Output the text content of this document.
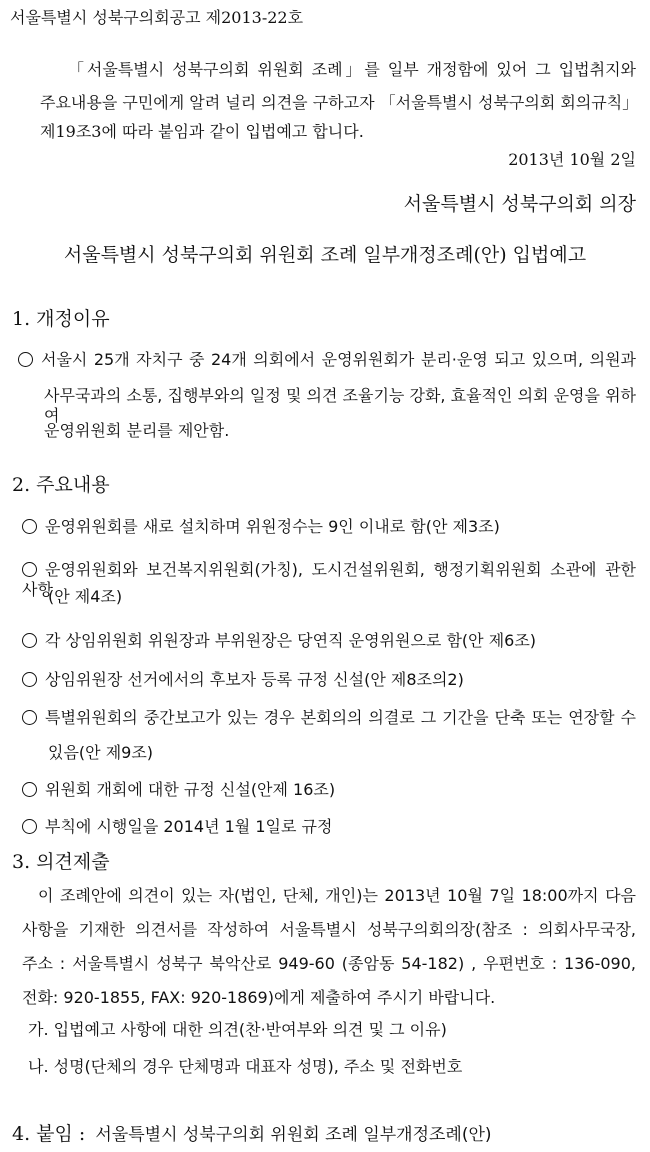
서울특별시 성북구의회공고 제2013-22호
「서울특별시 성북구의회 위원회 조례」를 일부 개정함에 있어 그 입법취지와
주요내용을 구민에게 알려 널리 의견을 구하고자 「서울특별시 성북구의회 회의규칙」
제19조3에 따라 붙임과 같이 입법예고 합니다.
2013년 10월 2일
서울특별시 성북구의회 의장
서울특별시 성북구의회 위원회 조례 일부개정조례(안) 입법예고
1. 개정이유
서울시 25개 자치구 중 24개 의회에서 운영위원회가 분리·운영 되고 있으며, 의원과
사무국과의 소통, 집행부와의 일정 및 의견 조율기능 강화, 효율적인 의회 운영을 위하여
운영위원회 분리를 제안함.
2. 주요내용
운영위원회를 새로 설치하며 위원정수는 9인 이내로 함(안 제3조)
운영위원회와 보건복지위원회(가칭), 도시건설위원회, 행정기획위원회 소관에 관한 사항
(안 제4조)
각 상임위원회 위원장과 부위원장은 당연직 운영위원으로 함(안 제6조)
상임위원장 선거에서의 후보자 등록 규정 신설(안 제8조의2)
특별위원회의 중간보고가 있는 경우 본회의의 의결로 그 기간을 단축 또는 연장할 수
있음(안 제9조)
위원회 개회에 대한 규정 신설(안제 16조)
부칙에 시행일을 2014년 1월 1일로 규정
3. 의견제출
이 조례안에 의견이 있는 자(법인, 단체, 개인)는 2013년 10월 7일 18:00까지 다음
사항을 기재한 의견서를 작성하여 서울특별시 성북구의회의장(참조 : 의회사무국장,
주소 : 서울특별시 성북구 북악산로 949-60 (종암동 54-182) , 우편번호 : 136-090,
전화: 920-1855, FAX: 920-1869)에게 제출하여 주시기 바랍니다.
가. 입법예고 사항에 대한 의견(찬·반여부와 의견 및 그 이유)
나. 성명(단체의 경우 단체명과 대표자 성명), 주소 및 전화번호
4. 붙임 : 서울특별시 성북구의회 위원회 조례 일부개정조례(안)
